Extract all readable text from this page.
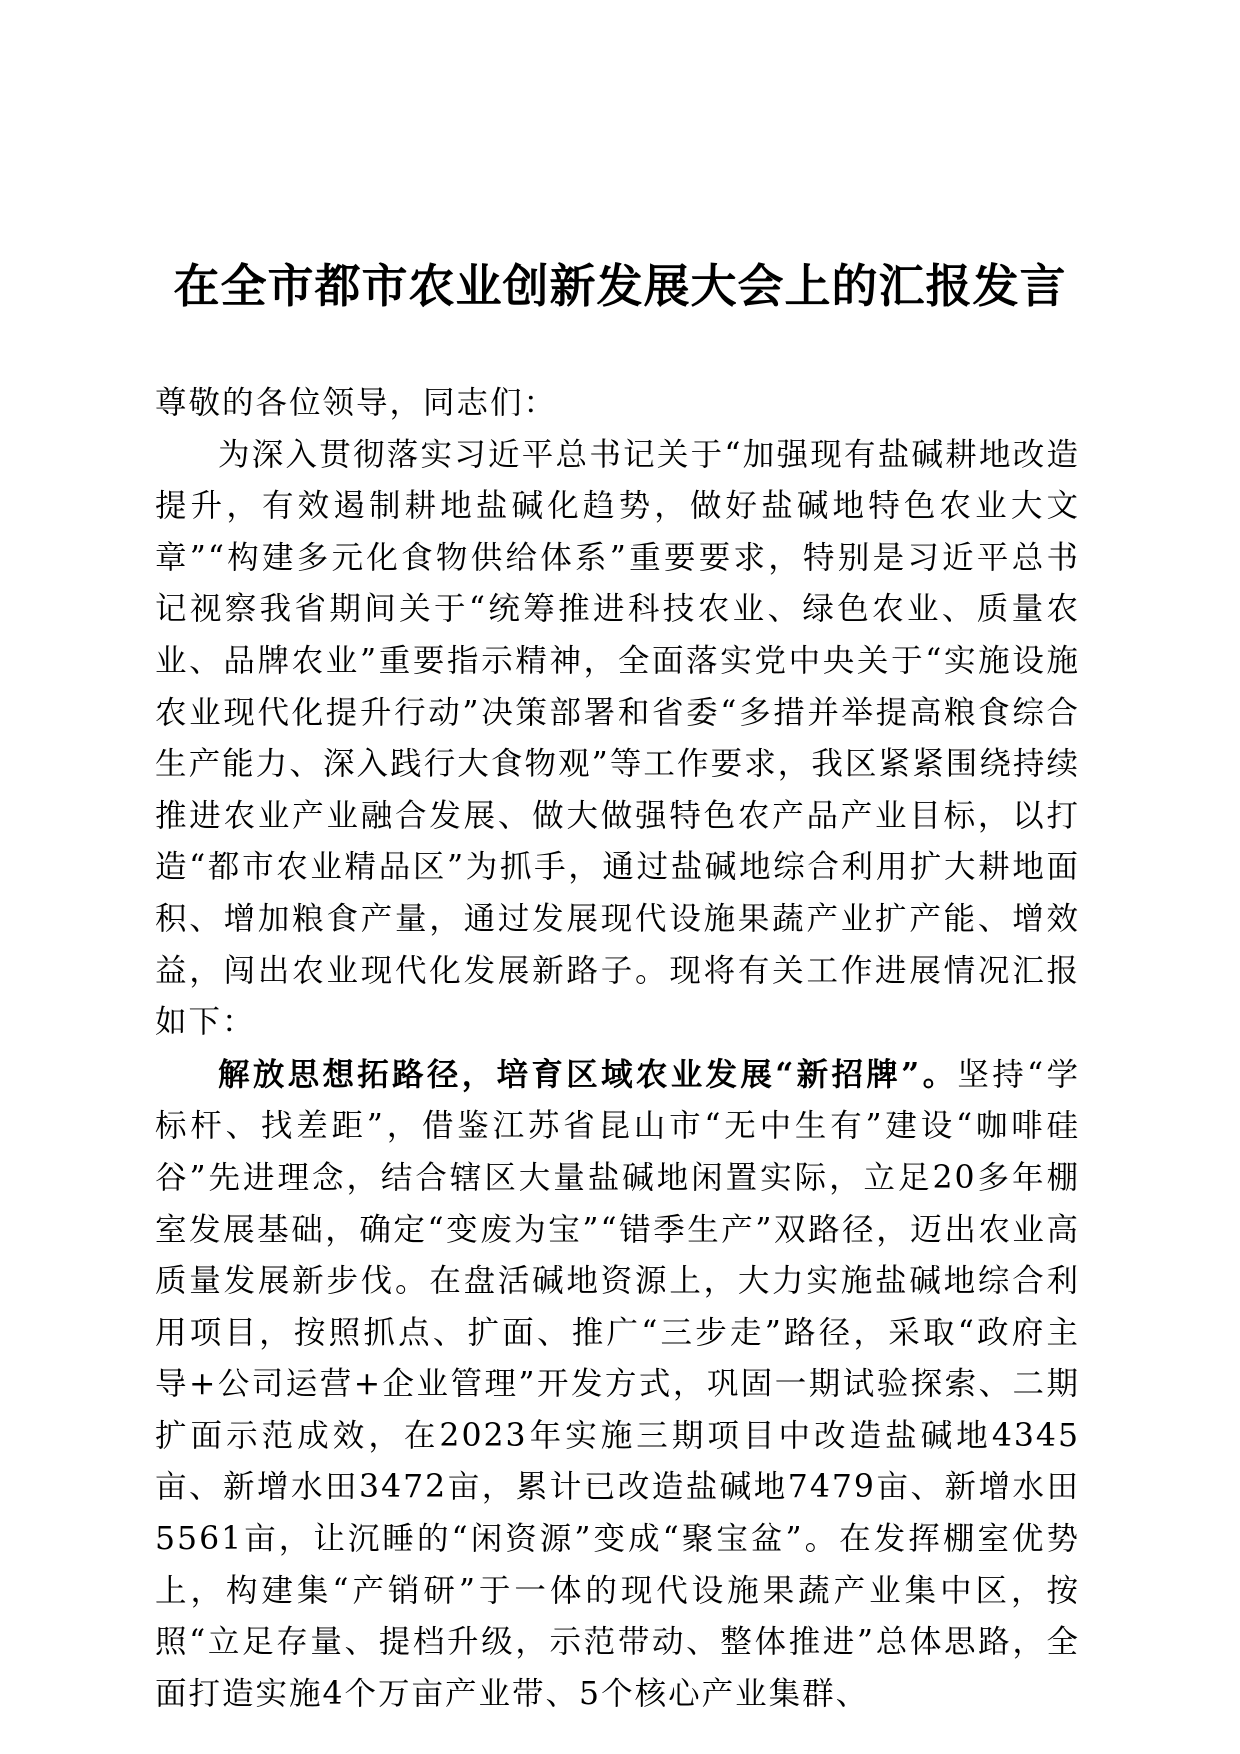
在全市都市农业创新发展大会上的汇报发言

尊敬的各位领导，同志们：

为深入贯彻落实习近平总书记关于“加强现有盐碱耕地改造提升，有效遏制耕地盐碱化趋势，做好盐碱地特色农业大文章”“构建多元化食物供给体系”重要要求，特别是习近平总书记视察我省期间关于“统筹推进科技农业、绿色农业、质量农业、品牌农业”重要指示精神，全面落实党中央关于“实施设施农业现代化提升行动”决策部署和省委“多措并举提高粮食综合生产能力、深入践行大食物观”等工作要求，我区紧紧围绕持续推进农业产业融合发展、做大做强特色农产品产业目标，以打造“都市农业精品区”为抓手，通过盐碱地综合利用扩大耕地面积、增加粮食产量，通过发展现代设施果蔬产业扩产能、增效益，闯出农业现代化发展新路子。现将有关工作进展情况汇报如下：

解放思想拓路径，培育区域农业发展“新招牌”。坚持“学标杆、找差距”，借鉴江苏省昆山市“无中生有”建设“咖啡硅谷”先进理念，结合辖区大量盐碱地闲置实际，立足20多年棚室发展基础，确定“变废为宝”“错季生产”双路径，迈出农业高质量发展新步伐。在盘活碱地资源上，大力实施盐碱地综合利用项目，按照抓点、扩面、推广“三步走”路径，采取“政府主导+公司运营+企业管理”开发方式，巩固一期试验探索、二期扩面示范成效，在2023年实施三期项目中改造盐碱地4345亩、新增水田3472亩，累计已改造盐碱地7479亩、新增水田5561亩，让沉睡的“闲资源”变成“聚宝盆”。在发挥棚室优势上，构建集“产销研”于一体的现代设施果蔬产业集中区，按照“立足存量、提档升级，示范带动、整体推进”总体思路，全面打造实施4个万亩产业带、5个核心产业集群、
